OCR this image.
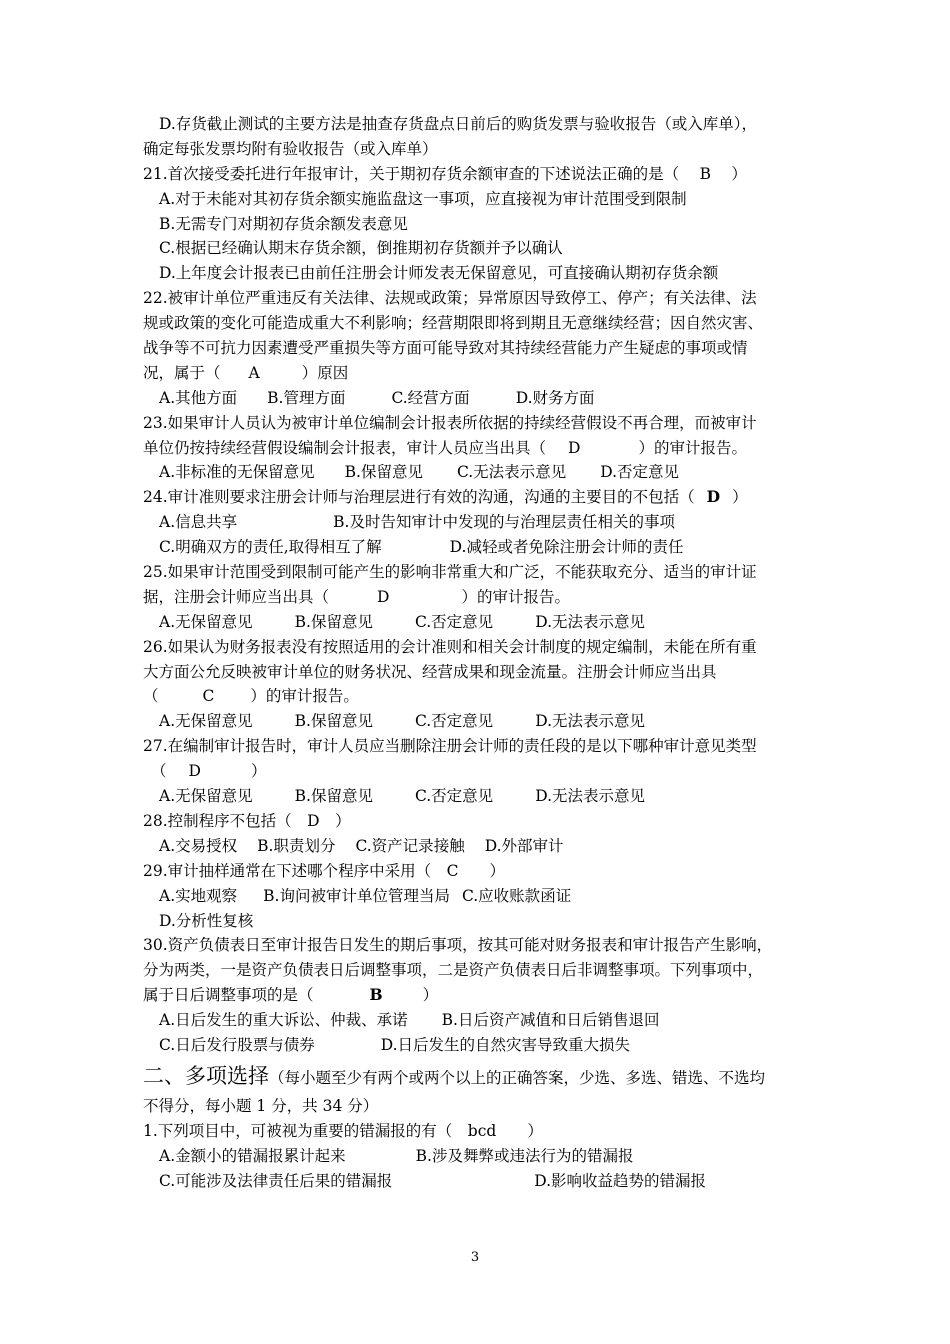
D.存货截止测试的主要方法是抽查存货盘点日前后的购货发票与验收报告（或入库单），
确定每张发票均附有验收报告（或入库单）
21.首次接受委托进行年报审计，关于期初存货余额审查的下述说法正确的是（　 B 　）
A.对于未能对其初存货余额实施监盘这一事项，应直接视为审计范围受到限制
B.无需专门对期初存货余额发表意见
C.根据已经确认期末存货余额，倒推期初存货额并予以确认
D.上年度会计报表已由前任注册会计师发表无保留意见，可直接确认期初存货余额
22.被审计单位严重违反有关法律、法规或政策；异常原因导致停工、停产；有关法律、法
规或政策的变化可能造成重大不利影响；经营期限即将到期且无意继续经营；因自然灾害、
战争等不可抗力因素遭受严重损失等方面可能导致对其持续经营能力产生疑虑的事项或情
况，属于（ A	）原因
A.其他方面 B.管理方面	C.经营方面	D.财务方面
23.如果审计人员认为被审计单位编制会计报表所依据的持续经营假设不再合理，而被审计
单位仍按持续经营假设编制会计报表，审计人员应当出具（ D	）的审计报告。
A.非标准的无保留意见 B.保留意见 C.无法表示意见 D.否定意见
24.审计准则要求注册会计师与治理层进行有效的沟通，沟通的主要目的不包括（ D ）
A.信息共享	B.及时告知审计中发现的与治理层责任相关的事项
C.明确双方的责任,取得相互了解	D.减轻或者免除注册会计师的责任
25.如果审计范围受到限制可能产生的影响非常重大和广泛，不能获取充分、适当的审计证
据，注册会计师应当出具（	D	）的审计报告。
A.无保留意见	B.保留意见	C.否定意见	D.无法表示意见
26.如果认为财务报表没有按照适用的会计准则和相关会计制度的规定编制，未能在所有重
大方面公允反映被审计单位的财务状况、经营成果和现金流量。注册会计师应当出具
（	C ）的审计报告。
A.无保留意见	B.保留意见	C.否定意见	D.无法表示意见
27.在编制审计报告时，审计人员应当删除注册会计师的责任段的是以下哪种审计意见类型
（ D	）
A.无保留意见	B.保留意见	C.否定意见	D.无法表示意见
28.控制程序不包括（　D　）
A.交易授权 B.职责划分 C.资产记录接触 D.外部审计
29.审计抽样通常在下述哪个程序中采用（　C　　）
A.实地观察 B.询问被审计单位管理当局 C.应收账款函证
D.分析性复核
30.资产负债表日至审计报告日发生的期后事项，按其可能对财务报表和审计报告产生影响，
分为两类，一是资产负债表日后调整事项，二是资产负债表日后非调整事项。下列事项中，
属于日后调整事项的是（	B	）
A.日后发生的重大诉讼、仲裁、承诺 B.日后资产减值和日后销售退回
C.日后发行股票与债券	D.日后发生的自然灾害导致重大损失
二、多项选择（每小题至少有两个或两个以上的正确答案，少选、多选、错选、不选均
不得分，每小题 1 分，共 34 分）
1.下列项目中，可被视为重要的错漏报的有（　bcd　　）
A.金额小的错漏报累计起来	B.涉及舞弊或违法行为的错漏报
C.可能涉及法律责任后果的错漏报	D.影响收益趋势的错漏报
3
